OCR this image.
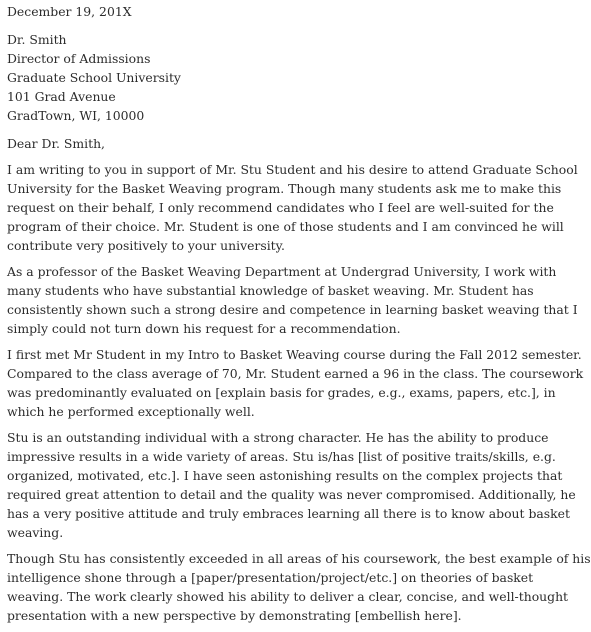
December 19, 201X
Dr. Smith
Director of Admissions
Graduate School University
101 Grad Avenue
GradTown, WI, 10000
Dear Dr. Smith,
I am writing to you in support of Mr. Stu Student and his desire to attend Graduate School
University for the Basket Weaving program. Though many students ask me to make this
request on their behalf, I only recommend candidates who I feel are well-suited for the
program of their choice. Mr. Student is one of those students and I am convinced he will
contribute very positively to your university.
As a professor of the Basket Weaving Department at Undergrad University, I work with
many students who have substantial knowledge of basket weaving. Mr. Student has
consistently shown such a strong desire and competence in learning basket weaving that I
simply could not turn down his request for a recommendation.
I first met Mr Student in my Intro to Basket Weaving course during the Fall 2012 semester.
Compared to the class average of 70, Mr. Student earned a 96 in the class. The coursework
was predominantly evaluated on [explain basis for grades, e.g., exams, papers, etc.], in
which he performed exceptionally well.
Stu is an outstanding individual with a strong character. He has the ability to produce
impressive results in a wide variety of areas. Stu is/has [list of positive traits/skills, e.g.
organized, motivated, etc.]. I have seen astonishing results on the complex projects that
required great attention to detail and the quality was never compromised. Additionally, he
has a very positive attitude and truly embraces learning all there is to know about basket
weaving.
Though Stu has consistently exceeded in all areas of his coursework, the best example of his
intelligence shone through a [paper/presentation/project/etc.] on theories of basket
weaving. The work clearly showed his ability to deliver a clear, concise, and well-thought
presentation with a new perspective by demonstrating [embellish here].
